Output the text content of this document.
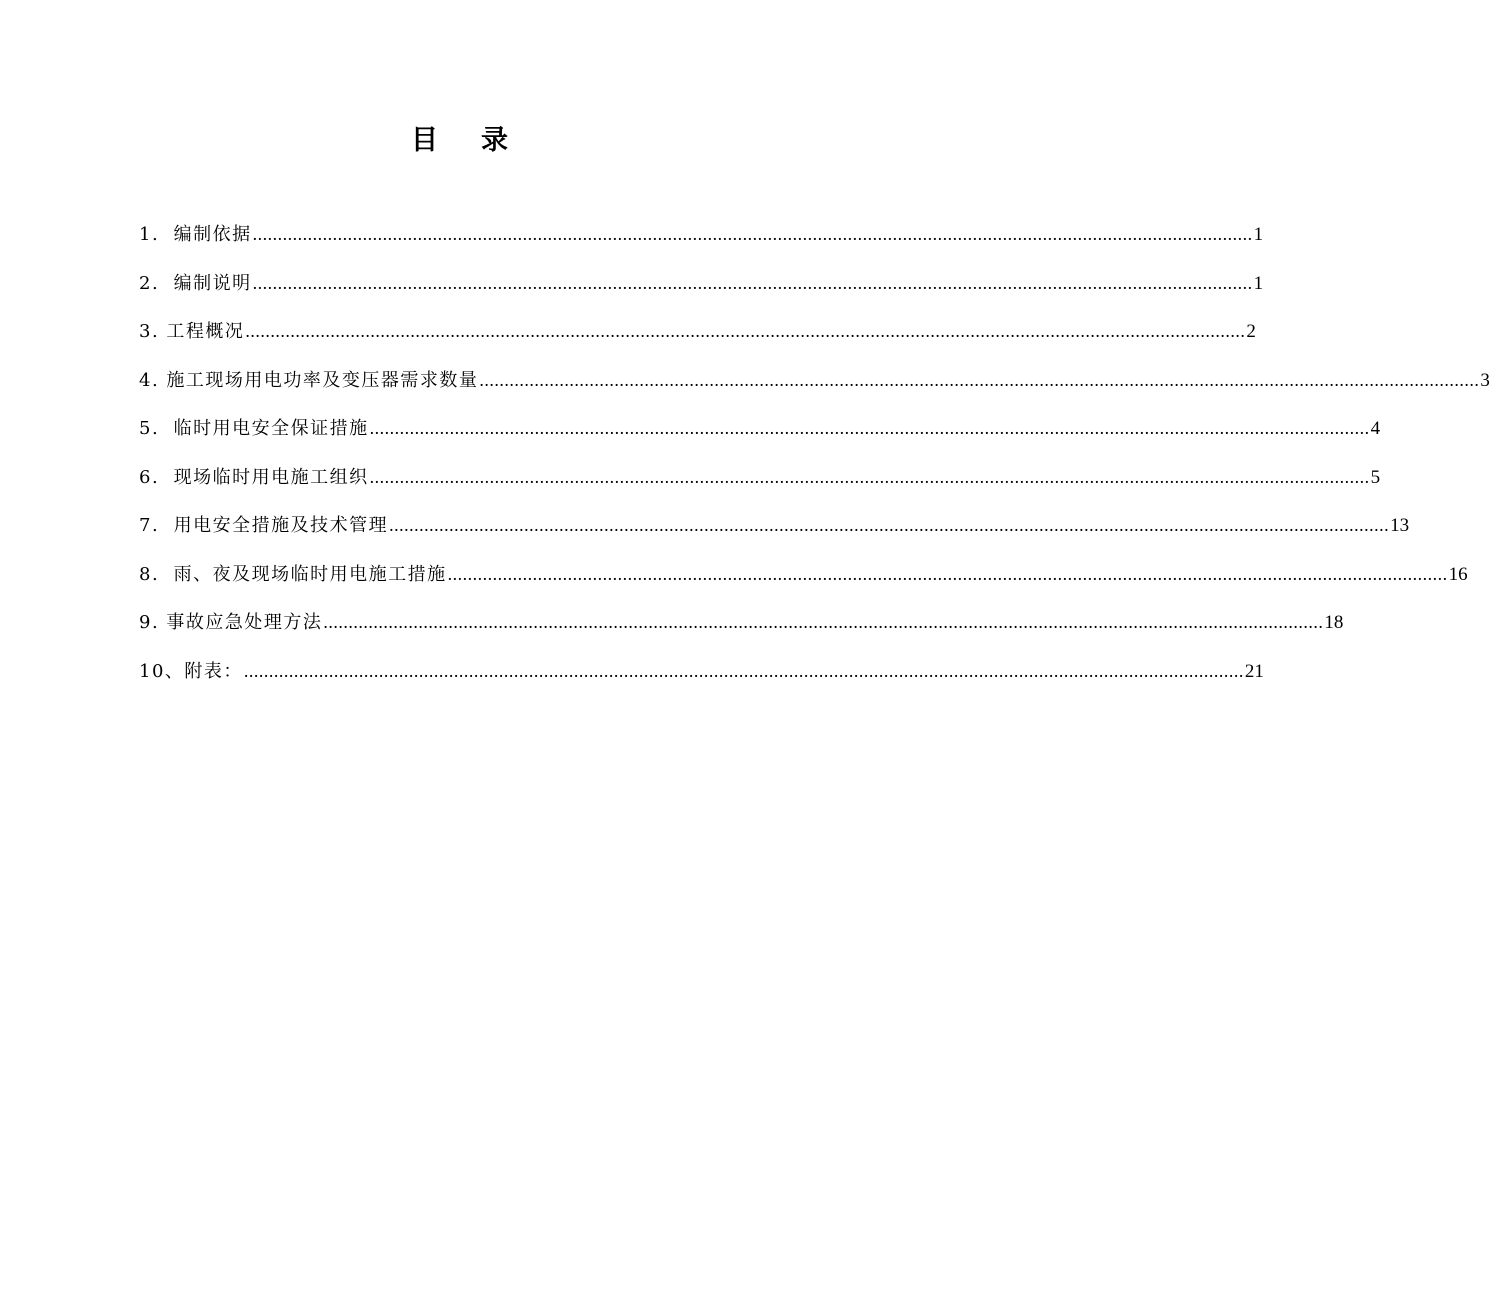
目 录
1.  编制依据 ........................................................................................................................................................................................................ 1
2.  编制说明 ........................................................................................................................................................................................................ 1
3. 工程概况 ........................................................................................................................................................................................................ 2
4. 施工现场用电功率及变压器需求数量 ........................................................................................................................................................................................................ 3
5.  临时用电安全保证措施 ........................................................................................................................................................................................................ 4
6.  现场临时用电施工组织 ........................................................................................................................................................................................................ 5
7.  用电安全措施及技术管理 ........................................................................................................................................................................................................ 13
8.  雨、夜及现场临时用电施工措施 ........................................................................................................................................................................................................ 16
9. 事故应急处理方法 ........................................................................................................................................................................................................ 18
10、附表： ........................................................................................................................................................................................................ 21
